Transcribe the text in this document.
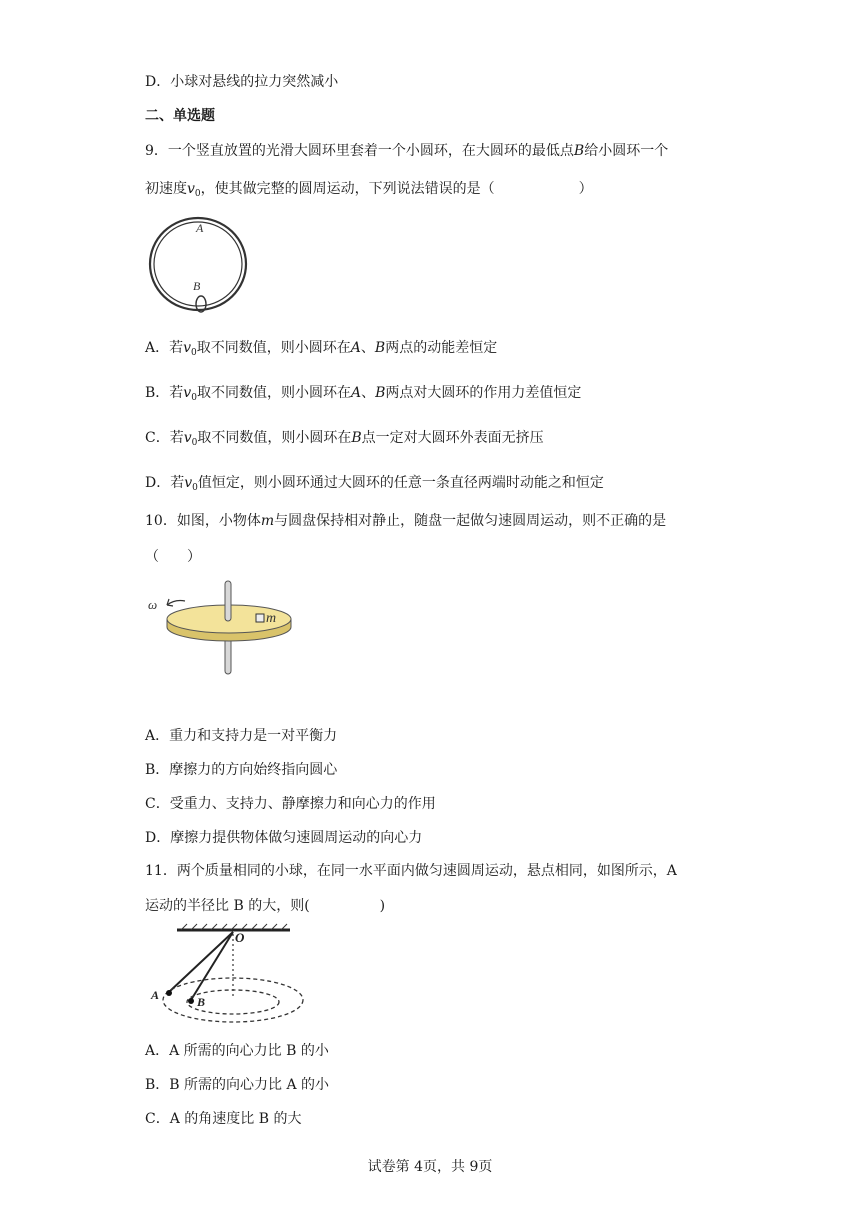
D．小球对悬线的拉力突然减小
二、单选题
9．一个竖直放置的光滑大圆环里套着一个小圆环，在大圆环的最低点B给小圆环一个
初速度$v_0$，使其做完整的圆周运动，下列说法错误的是（　　　　　　）
A
B
A．若$v_0$取不同数值，则小圆环在A、B两点的动能差恒定
B．若$v_0$取不同数值，则小圆环在A、B两点对大圆环的作用力差值恒定
C．若$v_0$取不同数值，则小圆环在B点一定对大圆环外表面无挤压
D．若$v_0$值恒定，则小圆环通过大圆环的任意一条直径两端时动能之和恒定
10．如图，小物体m与圆盘保持相对静止，随盘一起做匀速圆周运动，则不正确的是
（　　）
m
ω
A．重力和支持力是一对平衡力
B．摩擦力的方向始终指向圆心
C．受重力、支持力、静摩擦力和向心力的作用
D．摩擦力提供物体做匀速圆周运动的向心力
11．两个质量相同的小球，在同一水平面内做匀速圆周运动，悬点相同，如图所示，A
运动的半径比 B 的大，则(　　　　　)
O
A	B
A．A 所需的向心力比 B 的小
B．B 所需的向心力比 A 的小
C．A 的角速度比 B 的大
试卷第 4页，共 9页
